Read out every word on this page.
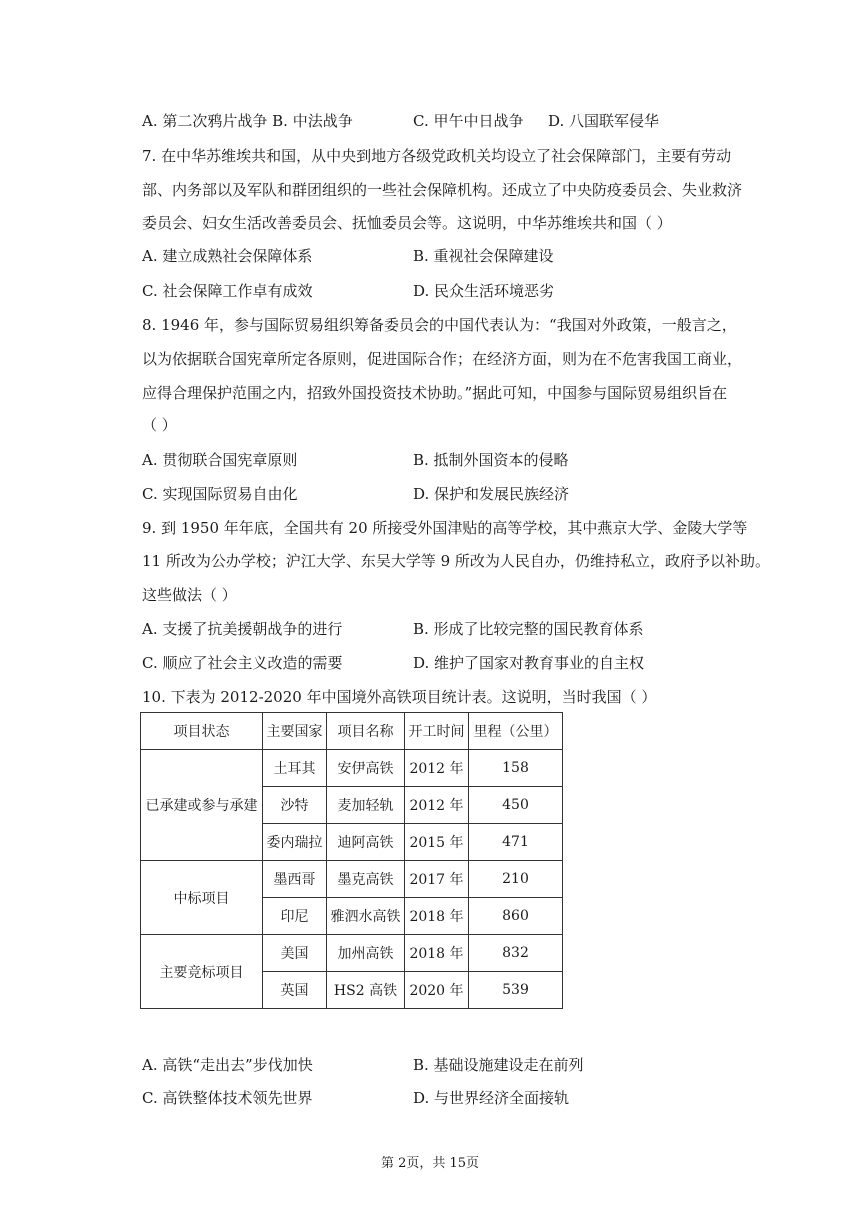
A. 第二次鸦片战争 B. 中法战争	C. 甲午中日战争 D. 八国联军侵华
7. 在中华苏维埃共和国，从中央到地方各级党政机关均设立了社会保障部门，主要有劳动
部、内务部以及军队和群团组织的一些社会保障机构。还成立了中央防疫委员会、失业救济
委员会、妇女生活改善委员会、抚恤委员会等。这说明，中华苏维埃共和国（ ）
A. 建立成熟社会保障体系	B. 重视社会保障建设
C. 社会保障工作卓有成效	D. 民众生活环境恶劣
8. 1946 年，参与国际贸易组织筹备委员会的中国代表认为：“我国对外政策，一般言之，
以为依据联合国宪章所定各原则，促进国际合作；在经济方面，则为在不危害我国工商业，
应得合理保护范围之内，招致外国投资技术协助。”据此可知，中国参与国际贸易组织旨在
（ ）
A. 贯彻联合国宪章原则	B. 抵制外国资本的侵略
C. 实现国际贸易自由化	D. 保护和发展民族经济
9. 到 1950 年年底，全国共有 20 所接受外国津贴的高等学校，其中燕京大学、金陵大学等
11 所改为公办学校；沪江大学、东吴大学等 9 所改为人民自办，仍维持私立，政府予以补助。
这些做法（ ）
A. 支援了抗美援朝战争的进行	B. 形成了比较完整的国民教育体系
C. 顺应了社会主义改造的需要	D. 维护了国家对教育事业的自主权
10. 下表为 2012-2020 年中国境外高铁项目统计表。这说明，当时我国（ ）
项目状态	主要国家	项目名称	开工时间	里程（公里）
已承建或参与承建	土耳其	安伊高铁	2012 年	158
	沙特	麦加轻轨	2012 年	450
	委内瑞拉	迪阿高铁	2015 年	471
中标项目	墨西哥	墨克高铁	2017 年	210
	印尼	雅泗水高铁	2018 年	860
主要竞标项目	美国	加州高铁	2018 年	832
	英国	HS2 高铁	2020 年	539
A. 高铁“走出去”步伐加快	B. 基础设施建设走在前列
C. 高铁整体技术领先世界	D. 与世界经济全面接轨
第 2页，共 15页
